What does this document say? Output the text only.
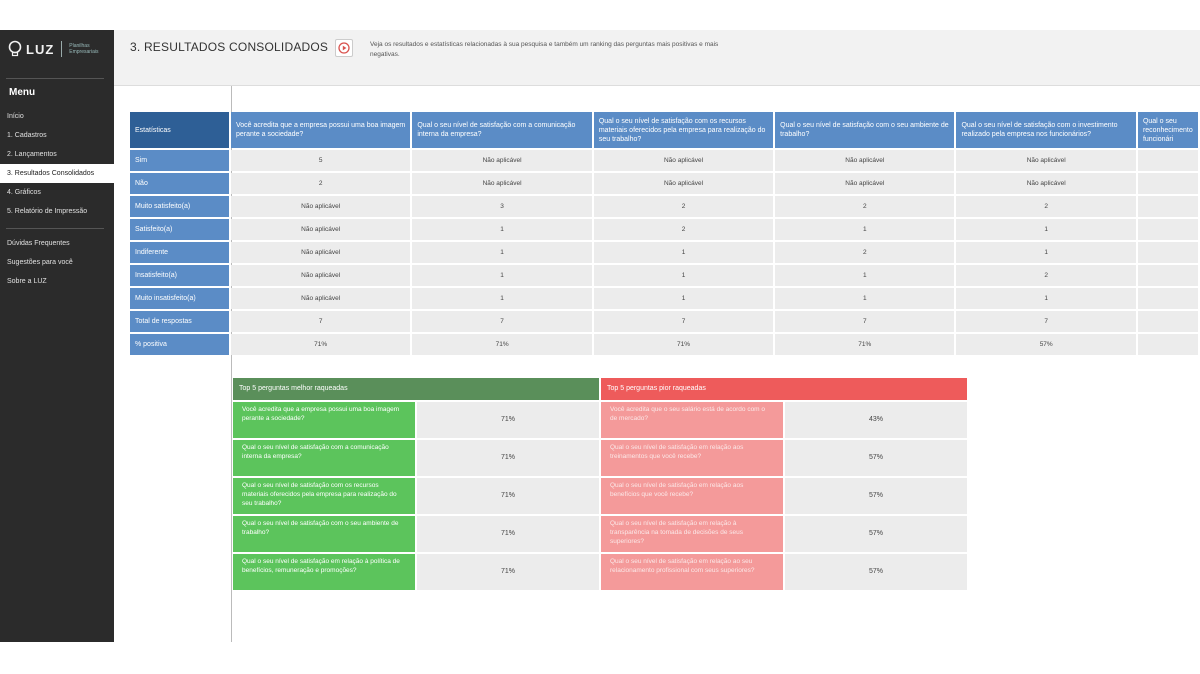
LUZ	Planilhas Empresariais
Menu
Início
1. Cadastros
2. Lançamentos
3. Resultados Consolidados
4. Gráficos
5. Relatório de Impressão
Dúvidas Frequentes
Sugestões para você
Sobre a LUZ
3. RESULTADOS CONSOLIDADOS	Veja os resultados e estatísticas relacionadas à sua pesquisa e também um ranking das perguntas mais positivas e mais negativas.
Estatísticas	Você acredita que a empresa possui uma boa imagem perante a sociedade?	Qual o seu nível de satisfação com a comunicação interna da empresa?	Qual o seu nível de satisfação com os recursos materiais oferecidos pela empresa para realização do seu trabalho?	Qual o seu nível de satisfação com o seu ambiente de trabalho?	Qual o seu nível de satisfação com o investimento realizado pela empresa nos funcionários?	Qual o seu reconhecimento funcionári
Sim	5	Não aplicável	Não aplicável	Não aplicável	Não aplicável	
Não	2	Não aplicável	Não aplicável	Não aplicável	Não aplicável	
Muito satisfeito(a)	Não aplicável	3	2	2	2	
Satisfeito(a)	Não aplicável	1	2	1	1	
Indiferente	Não aplicável	1	1	2	1	
Insatisfeito(a)	Não aplicável	1	1	1	2	
Muito insatisfeito(a)	Não aplicável	1	1	1	1	
Total de respostas	7	7	7	7	7	
% positiva	71%	71%	71%	71%	57%	
Top 5 perguntas melhor raqueadas
Você acredita que a empresa possui uma boa imagem perante a sociedade?	71%
Qual o seu nível de satisfação com a comunicação interna da empresa?	71%
Qual o seu nível de satisfação com os recursos materiais oferecidos pela empresa para realização do seu trabalho?
71%
Qual o seu nível de satisfação com o seu ambiente de trabalho?	71%
Qual o seu nível de satisfação em relação à política de benefícios, remuneração e promoções?	71%
Top 5 perguntas pior raqueadas
Você acredita que o seu salário está de acordo com o de mercado?	43%
Qual o seu nível de satisfação em relação aos treinamentos que você recebe?	57%
Qual o seu nível de satisfação em relação aos benefícios que você recebe?	57%
Qual o seu nível de satisfação em relação à transparência na tomada de decisões de seus superiores?
57%
Qual o seu nível de satisfação em relação ao seu relacionamento profissional com seus superiores?	57%
